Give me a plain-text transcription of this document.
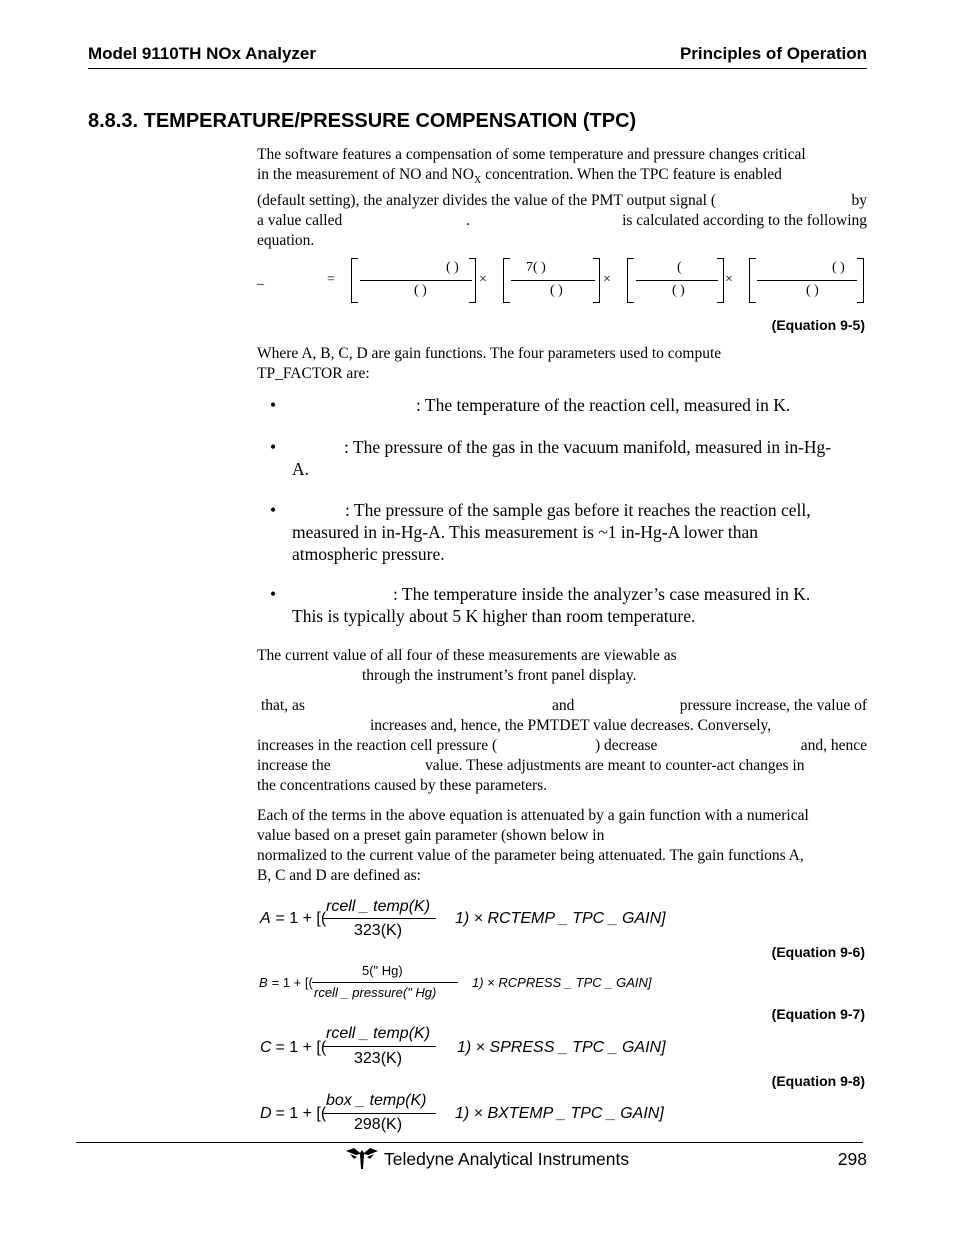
Model 9110TH NOx Analyzer	Principles of Operation
8.8.3. TEMPERATURE/PRESSURE COMPENSATION (TPC)

The software features a compensation of some temperature and pressure changes critical

in the measurement of NO and $NO_X$ concentration. When the TPC feature is enabled

(default setting), the analyzer divides the value of the PMT output signal (	by

a value called	.	is calculated according to the following

equation.

_	=
( )
( )
×
7( )
( )
×
(
( )
×
( )
( )
(Equation 9-5)

Where A, B, C, D are gain functions. The four parameters used to compute

TP_FACTOR are:

•	: The temperature of the reaction cell, measured in K.
•	: The pressure of the gas in the vacuum manifold, measured in in-Hg-
A.
•	: The pressure of the sample gas before it reaches the reaction cell,
measured in in-Hg-A. This measurement is ~1 in-Hg-A lower than
atmospheric pressure.
•	: The temperature inside the analyzer’s case measured in K.
This is typically about 5 K higher than room temperature.

The current value of all four of these measurements are viewable as

through the instrument’s front panel display.

that, as	and	pressure increase, the value of

increases and, hence, the PMTDET value decreases. Conversely,

increases in the reaction cell pressure (	) decrease	and, hence

increase the	value. These adjustments are meant to counter-act changes in

the concentrations caused by these parameters.

Each of the terms in the above equation is attenuated by a gain function with a numerical

value based on a preset gain parameter (shown below in

normalized to the current value of the parameter being attenuated. The gain functions A,

B, C and D are defined as:

A = 1 + [(
rcell _ temp(K)
323(K)
1) × RCTEMP _ TPC _ GAIN]
(Equation 9-6)
B = 1 + [(
5(" Hg)
rcell _ pressure(" Hg)
1) × RCPRESS _ TPC _ GAIN]
(Equation 9-7)
C = 1 + [(
rcell _ temp(K)
323(K)
1) × SPRESS _ TPC _ GAIN]
(Equation 9-8)
D = 1 + [(
box _ temp(K)
298(K)
1) × BXTEMP _ TPC _ GAIN]
Teledyne Analytical Instruments	298
